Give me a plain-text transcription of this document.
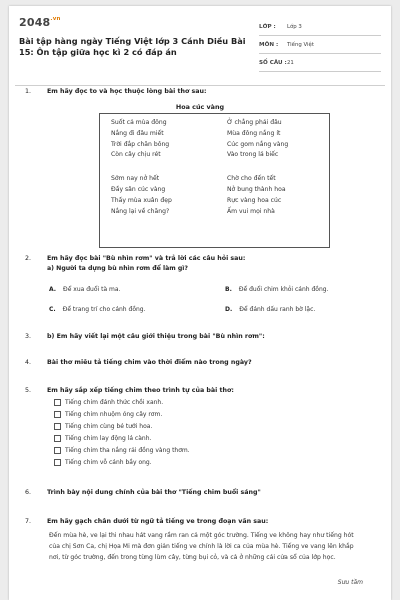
$2048^{.vn}$
Bài tập hàng ngày Tiếng Việt lớp 3 Cánh Diều Bài 15: Ôn tập giữa học kì 2 có đáp án
LỚP :	Lớp 3
MÔN :	Tiếng Việt
SỐ CÂU : 21
1.	Em hãy đọc to và học thuộc lòng bài thơ sau:
Hoa cúc vàng
Suốt cả mùa đông
Nắng đi đâu miết
Trời đắp chăn bông
Còn cây chịu rét
Sớm nay nở hết
Đầy sân cúc vàng
Thấy mùa xuân đẹp
Nắng lại về chăng?
Ở chẳng phải đâu
Mùa đông nắng ít
Cúc gom nắng vàng
Vào trong lá biếc
Chờ cho đến tết
Nở bung thành hoa
Rực vàng hoa cúc
Ấm vui mọi nhà
2.	Em hãy đọc bài "Bù nhìn rơm" và trả lời các câu hỏi sau:
a) Người ta dựng bù nhìn rơm để làm gì?
A. Để xua đuổi tà ma.	B. Để đuổi chim khỏi cánh đồng.
C. Để trang trí cho cánh đồng.	D. Để đánh dấu ranh bờ lặc.
3.	b) Em hãy viết lại một câu giới thiệu trong bài "Bù nhìn rơm":
4.	Bài thơ miêu tả tiếng chim vào thời điểm nào trong ngày?
5.	Em hãy sắp xếp tiếng chim theo trình tự của bài thơ:
Tiếng chim đánh thức chồi xanh.
Tiếng chim nhuộm óng cây rơm.
Tiếng chim cùng bé tưới hoa.
Tiếng chim lay động lá cành.
Tiếng chim tha nắng rải đồng vàng thơm.
Tiếng chim vỗ cánh bầy ong.
6.	Trình bày nội dung chính của bài thơ "Tiếng chim buổi sáng"
7.	Em hãy gạch chân dưới từ ngữ tả tiếng ve trong đoạn văn sau:
Đến mùa hè, ve lại thi nhau hát vang rầm ran cả một góc trường. Tiếng ve không hay như tiếng hót của chị Sơn Ca, chị Họa Mi mà đơn giản tiếng ve chính là lời ca của mùa hè. Tiếng ve vang lên khắp nơi, từ góc trường, đến trong từng lùm cây, từng bụi cỏ, và cả ở những cái cửa sổ của lớp học.
Sưu tầm
